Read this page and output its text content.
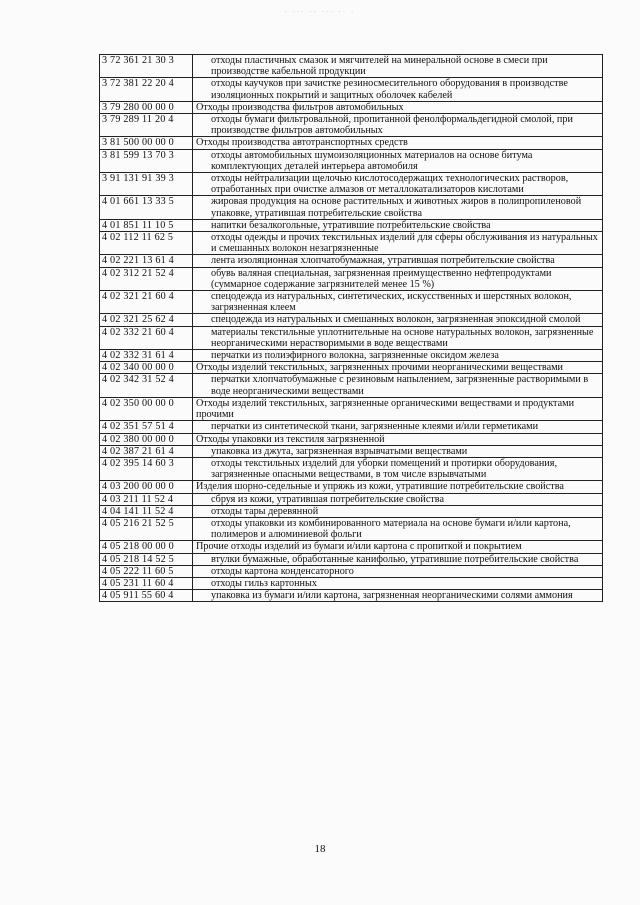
· ··· ·· ··· ·· ·
3 72 361 21 30 3	отходы пластичных смазок и мягчителей на минеральной основе в смеси при производстве кабельной продукции

3 72 381 22 20 4	отходы каучуков при зачистке резиносмесительного оборудования в производстве изоляционных покрытий и защитных оболочек кабелей

3 79 280 00 00 0	Отходы производства фильтров автомобильных

3 79 289 11 20 4	отходы бумаги фильтровальной, пропитанной фенолформальдегидной смолой, при производстве фильтров автомобильных

3 81 500 00 00 0	Отходы производства автотранспортных средств

3 81 599 13 70 3	отходы автомобильных шумоизоляционных материалов на основе битума комплектующих деталей интерьера автомобиля

3 91 131 91 39 3	отходы нейтрализации щелочью кислотосодержащих технологических растворов, отработанных при очистке алмазов от металлокатализаторов кислотами

4 01 661 13 33 5	жировая продукция на основе растительных и животных жиров в полипропиленовой упаковке, утратившая потребительские свойства

4 01 851 11 10 5	напитки безалкогольные, утратившие потребительские свойства

4 02 112 11 62 5	отходы одежды и прочих текстильных изделий для сферы обслуживания из натуральных и смешанных волокон незагрязненные

4 02 221 13 61 4	лента изоляционная хлопчатобумажная, утратившая потребительские свойства

4 02 312 21 52 4	обувь валяная специальная, загрязненная преимущественно нефтепродуктами (суммарное содержание загрязнителей менее 15 %)

4 02 321 21 60 4	спецодежда из натуральных, синтетических, искусственных и шерстяных волокон, загрязненная клеем

4 02 321 25 62 4	спецодежда из натуральных и смешанных волокон, загрязненная эпоксидной смолой

4 02 332 21 60 4	материалы текстильные уплотнительные на основе натуральных волокон, загрязненные неорганическими нерастворимыми в воде веществами

4 02 332 31 61 4	перчатки из полиэфирного волокна, загрязненные оксидом железа

4 02 340 00 00 0	Отходы изделий текстильных, загрязненных прочими неорганическими веществами

4 02 342 31 52 4	перчатки хлопчатобумажные с резиновым напылением, загрязненные растворимыми в воде неорганическими веществами

4 02 350 00 00 0	Отходы изделий текстильных, загрязненные органическими веществами и продуктами прочими

4 02 351 57 51 4	перчатки из синтетической ткани, загрязненные клеями и/или герметиками

4 02 380 00 00 0	Отходы упаковки из текстиля загрязненной

4 02 387 21 61 4	упаковка из джута, загрязненная взрывчатыми веществами

4 02 395 14 60 3	отходы текстильных изделий для уборки помещений и протирки оборудования, загрязненные опасными веществами, в том числе взрывчатыми

4 03 200 00 00 0	Изделия шорно-седельные и упряжь из кожи, утратившие потребительские свойства

4 03 211 11 52 4	сбруя из кожи, утратившая потребительские свойства

4 04 141 11 52 4	отходы тары деревянной

4 05 216 21 52 5	отходы упаковки из комбинированного материала на основе бумаги и/или картона, полимеров и алюминиевой фольги

4 05 218 00 00 0	Прочие отходы изделий из бумаги и/или картона с пропиткой и покрытием

4 05 218 14 52 5	втулки бумажные, обработанные канифолью, утратившие потребительские свойства

4 05 222 11 60 5	отходы картона конденсаторного

4 05 231 11 60 4	отходы гильз картонных

4 05 911 55 60 4	упаковка из бумаги и/или картона, загрязненная неорганическими солями аммония
18
